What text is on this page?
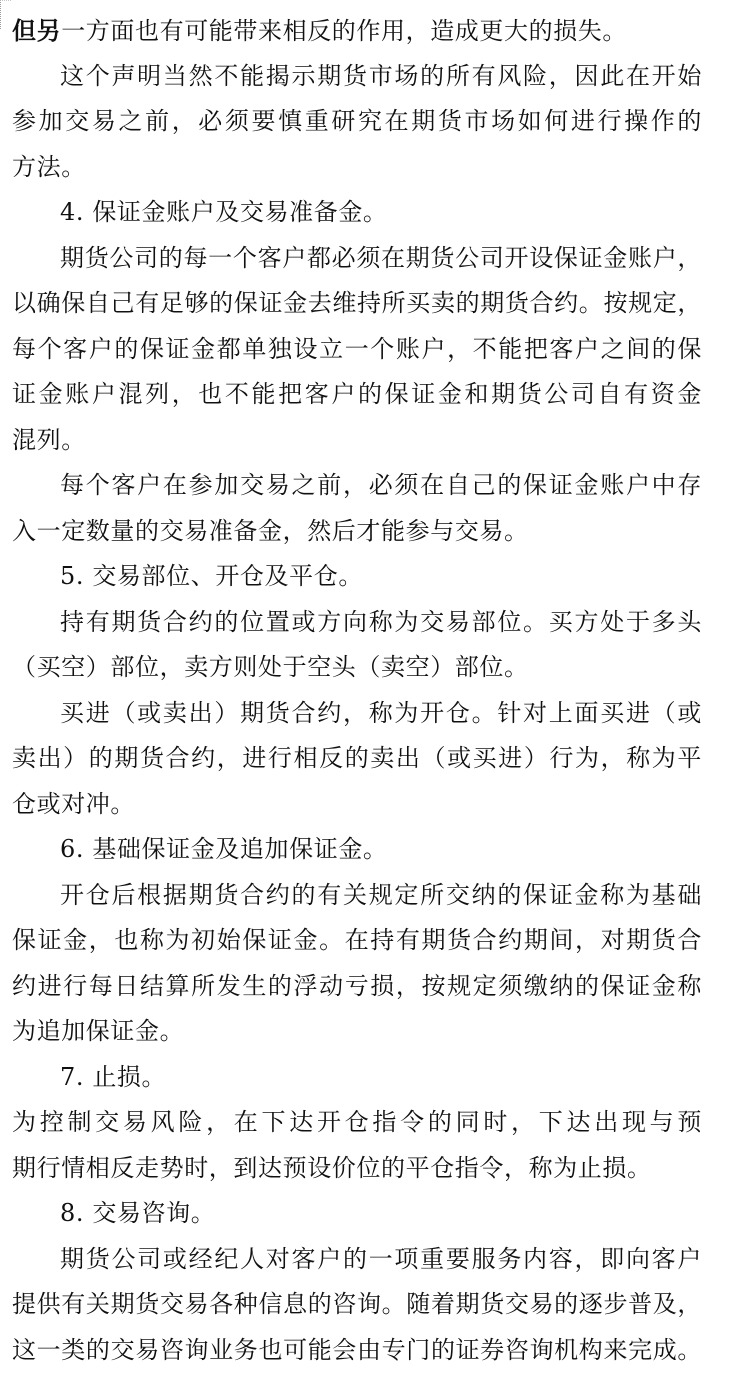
但另一方面也有可能带来相反的作用，造成更大的损失。
这个声明当然不能揭示期货市场的所有风险，因此在开始
参加交易之前，必须要慎重研究在期货市场如何进行操作的
方法。
4. 保证金账户及交易准备金。
期货公司的每一个客户都必须在期货公司开设保证金账户，
以确保自己有足够的保证金去维持所买卖的期货合约。按规定，
每个客户的保证金都单独设立一个账户，不能把客户之间的保
证金账户混列，也不能把客户的保证金和期货公司自有资金
混列。
每个客户在参加交易之前，必须在自己的保证金账户中存
入一定数量的交易准备金，然后才能参与交易。
5. 交易部位、开仓及平仓。
持有期货合约的位置或方向称为交易部位。买方处于多头
（买空）部位，卖方则处于空头（卖空）部位。
买进（或卖出）期货合约，称为开仓。针对上面买进（或
卖出）的期货合约，进行相反的卖出（或买进）行为，称为平
仓或对冲。
6. 基础保证金及追加保证金。
开仓后根据期货合约的有关规定所交纳的保证金称为基础
保证金，也称为初始保证金。在持有期货合约期间，对期货合
约进行每日结算所发生的浮动亏损，按规定须缴纳的保证金称
为追加保证金。
7. 止损。
为控制交易风险，在下达开仓指令的同时，下达出现与预
期行情相反走势时，到达预设价位的平仓指令，称为止损。
8. 交易咨询。
期货公司或经纪人对客户的一项重要服务内容，即向客户
提供有关期货交易各种信息的咨询。随着期货交易的逐步普及，
这一类的交易咨询业务也可能会由专门的证券咨询机构来完成。
